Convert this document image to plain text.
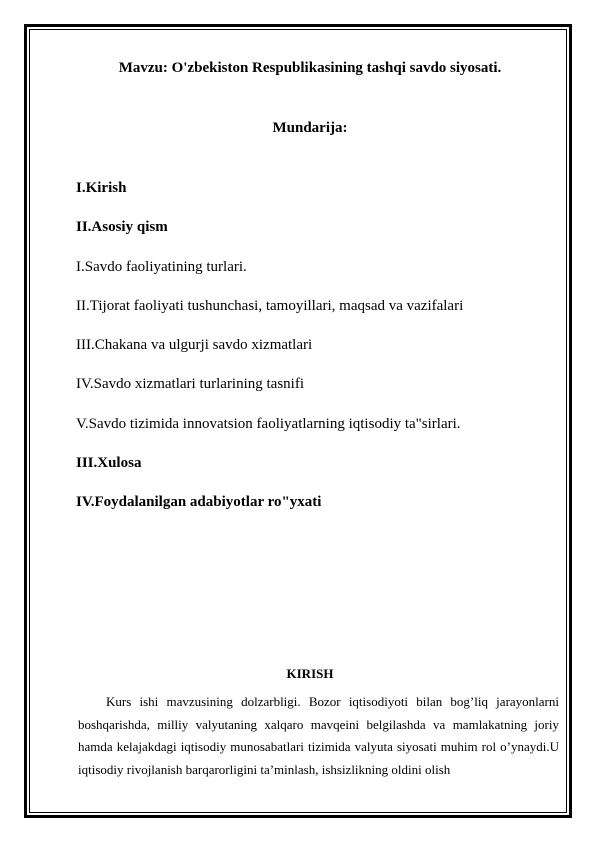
Mavzu: O'zbekiston Respublikasining tashqi savdo siyosati.
Mundarija:
I.Kirish
II.Asosiy qism
I.Savdo faoliyatining turlari.
II.Tijorat faoliyati tushunchasi, tamoyillari, maqsad va vazifalari
III.Chakana va ulgurji savdo xizmatlari
IV.Savdo xizmatlari turlarining tasnifi
V.Savdo tizimida innovatsion faoliyatlarning iqtisodiy ta"sirlari.
III.Xulosa
IV.Foydalanilgan adabiyotlar ro"yxati
KIRISH

Kurs ishi mavzusining dolzarbligi. Bozor iqtisodiyoti bilan bog’liq jarayonlarni boshqarishda, milliy valyutaning xalqaro mavqeini belgilashda va mamlakatning joriy hamda kelajakdagi iqtisodiy munosabatlari tizimida valyuta siyosati muhim rol o’ynaydi.U iqtisodiy rivojlanish barqarorligini ta’minlash, ishsizlikning oldini olish
